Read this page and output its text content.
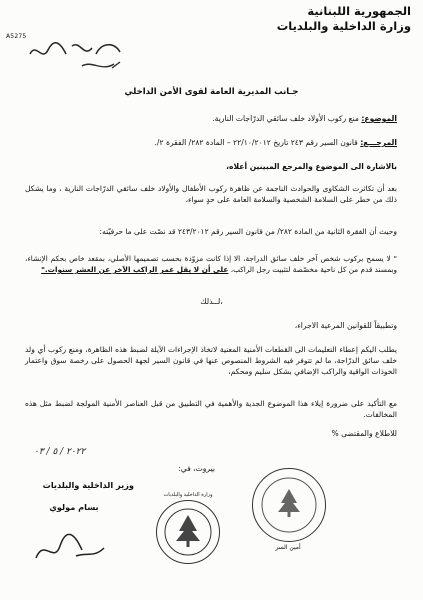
الجمهورية اللبنانية
وزارة الداخلية والبلديات
A5275
جـانب المديرية العامة لقوى الأمن الداخلي
الموضوع: منع ركوب الأولاد خلف سائقي الدرّاجات النارية.
المرجـــع: قانون السير رقم ٢٤٣ تاريخ ٢٢/١٠/٢٠١٢ – المادة ٢٨٢/ الفقرة ٢/.
بالاشارة الى الموضوع والمرجع المبينين أعلاه،

بعد أن تكاثرت الشكاوى والحوادث الناجمة عن ظاهرة ركوب الأطفال والأولاد خلف سائقي الدرّاجات النارية ، وما يشكل ذلك من خطر على السلامة الشخصية والسلامة العامة على حدٍ سواء،

وحيث أن الفقرة الثانية من المادة ٢٨٢/ من قانون السير رقم ٢٤٣/٢٠١٢ قد نصّت على ما حرفيّته:

" لا يسمح بركوب شخص آخر خلف سائق الدراجة، الا إذا كانت مزوّدة بحسب تصميمها الأصلي، بمقعد خاص بحكم الإنشاء، وبمسند قدم من كل ناحية مخصّصة لتثبيت رجل الراكب، على أن لا يقل عمر الراكب الآخر عن العشر سنوات."
لــذلك،
وتطبيقاً للقوانين المرعية الاجراء،

يطلب اليكم إعطاء التعليمات الى القطعات الأمنية المعنية لاتخاذ الإجراءات الآيلة لضبط هذه الظاهرة، ومنع ركوب أي ولد خلف سائق الدرّاجة، ما لم تتوفر فيه الشروط المنصوص عنها في قانون السير لجهة الحصول على رخصة سوق واعتمار الخوذات الواقية والراكب الإضافي بشكل سليم ومحكم،

مع التأكيد على ضرورة إيلاء هذا الموضوع الجدية والأهمية في التطبيق من قبل العناصر الأمنية المولجة لضبط مثل هذه المخالفات.

للاطلاع والمقتضى %
٢٠٢٢ / ٥ / ٠٣
بيروت، في:
وزير الداخلية والبلديات
بسام مولوي
وزارة الداخلية والبلديات
أمين السر
